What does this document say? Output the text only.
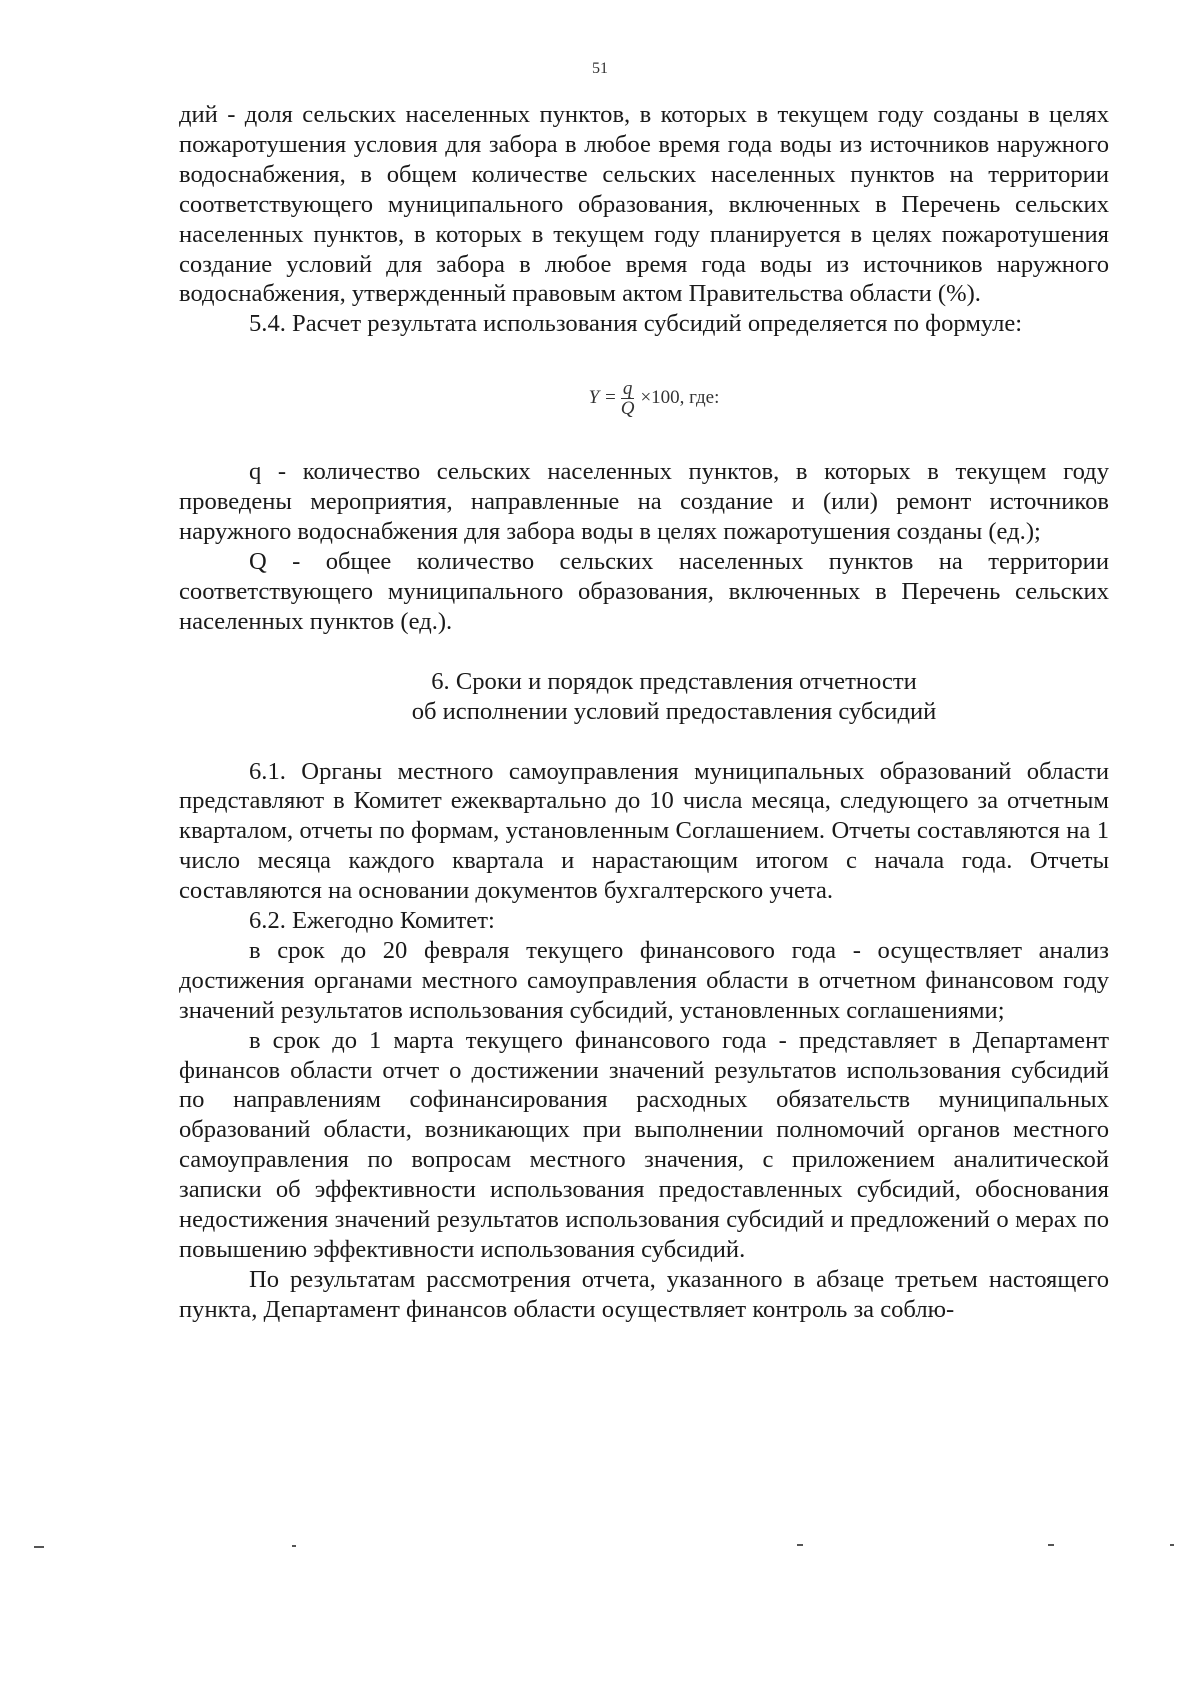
51

дий - доля сельских населенных пунктов, в которых в текущем году созданы в целях пожаротушения условия для забора в любое время года воды из источников наружного водоснабжения, в общем количестве сельских населенных пунктов на территории соответствующего муниципального образования, включенных в Перечень сельских населенных пунктов, в которых в текущем году планируется в целях пожаротушения создание условий для забора в любое время года воды из источников наружного водоснабжения, утвержденный правовым актом Правительства области (%).

5.4. Расчет результата использования субсидий определяется по формуле:

$Y = \frac{q}{Q} \times 100$, где:

q - количество сельских населенных пунктов, в которых в текущем году проведены мероприятия, направленные на создание и (или) ремонт источников наружного водоснабжения для забора воды в целях пожаротушения созданы (ед.);

Q - общее количество сельских населенных пунктов на территории соответствующего муниципального образования, включенных в Перечень сельских населенных пунктов (ед.).

6. Сроки и порядок представления отчетности
об исполнении условий предоставления субсидий

6.1. Органы местного самоуправления муниципальных образований области представляют в Комитет ежеквартально до 10 числа месяца, следующего за отчетным кварталом, отчеты по формам, установленным Соглашением. Отчеты составляются на 1 число месяца каждого квартала и нарастающим итогом с начала года. Отчеты составляются на основании документов бухгалтерского учета.

6.2. Ежегодно Комитет:

в срок до 20 февраля текущего финансового года - осуществляет анализ достижения органами местного самоуправления области в отчетном финансовом году значений результатов использования субсидий, установленных соглашениями;

в срок до 1 марта текущего финансового года - представляет в Департамент финансов области отчет о достижении значений результатов использования субсидий по направлениям софинансирования расходных обязательств муниципальных образований области, возникающих при выполнении полномочий органов местного самоуправления по вопросам местного значения, с приложением аналитической записки об эффективности использования предоставленных субсидий, обоснования недостижения значений результатов использования субсидий и предложений о мерах по повышению эффективности использования субсидий.

По результатам рассмотрения отчета, указанного в абзаце третьем настоящего пункта, Департамент финансов области осуществляет контроль за соблю-
